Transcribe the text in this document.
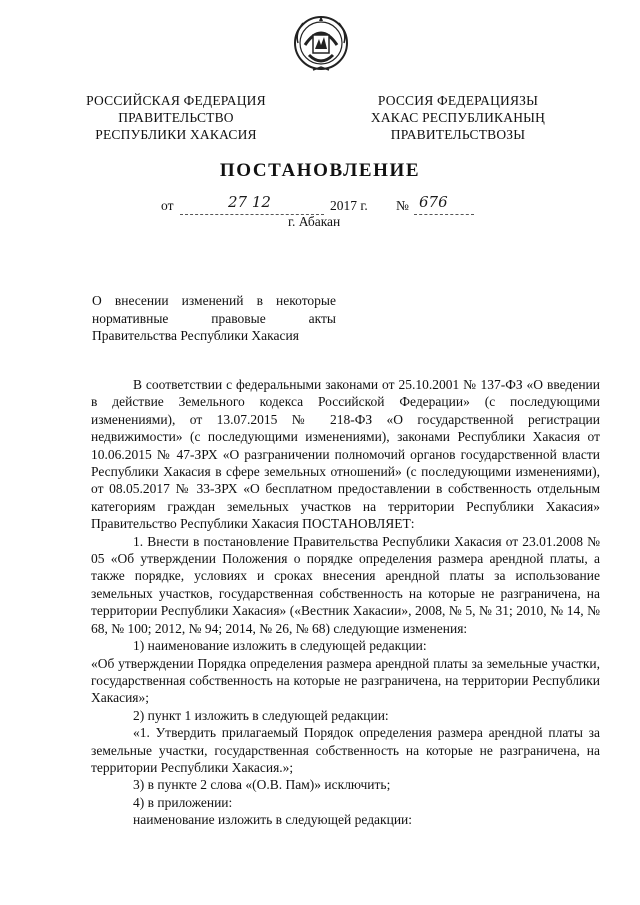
РОССИЙСКАЯ ФЕДЕРАЦИЯ
ПРАВИТЕЛЬСТВО
РЕСПУБЛИКИ ХАКАСИЯ
РОССИЯ ФЕДЕРАЦИЯЗЫ
ХАКАС РЕСПУБЛИКАНЫҢ
ПРАВИТЕЛЬСТВОЗЫ
ПОСТАНОВЛЕНИЕ
от	27 12	2017 г. № 676
г. Абакан
О внесении изменений в некоторые
нормативные правовые акты
Правительства Республики Хакасия

В соответствии с федеральными законами от 25.10.2001 № 137-ФЗ «О введении в действие Земельного кодекса Российской Федерации» (с последующими изменениями), от 13.07.2015 № 218-ФЗ «О государственной регистрации недвижимости» (с последующими изменениями), законами Республики Хакасия от 10.06.2015 № 47-ЗРХ «О разграничении полномочий органов государственной власти Республики Хакасия в сфере земельных отношений» (с последующими изменениями), от 08.05.2017 № 33-ЗРХ «О бесплатном предоставлении в собственность отдельным категориям граждан земельных участков на территории Республики Хакасия» Правительство Республики Хакасия ПОСТАНОВЛЯЕТ:

1. Внести в постановление Правительства Республики Хакасия от 23.01.2008 № 05 «Об утверждении Положения о порядке определения размера арендной платы, а также порядке, условиях и сроках внесения арендной платы за использование земельных участков, государственная собственность на которые не разграничена, на территории Республики Хакасия» («Вестник Хакасии», 2008, № 5, № 31; 2010, № 14, № 68, № 100; 2012, № 94; 2014, № 26, № 68) следующие изменения:

1) наименование изложить в следующей редакции:

«Об утверждении Порядка определения размера арендной платы за земельные участки, государственная собственность на которые не разграничена, на территории Республики Хакасия»;

2) пункт 1 изложить в следующей редакции:

«1. Утвердить прилагаемый Порядок определения размера арендной платы за земельные участки, государственная собственность на которые не разграничена, на территории Республики Хакасия.»;

3) в пункте 2 слова «(О.В. Пам)» исключить;

4) в приложении:

наименование изложить в следующей редакции:
